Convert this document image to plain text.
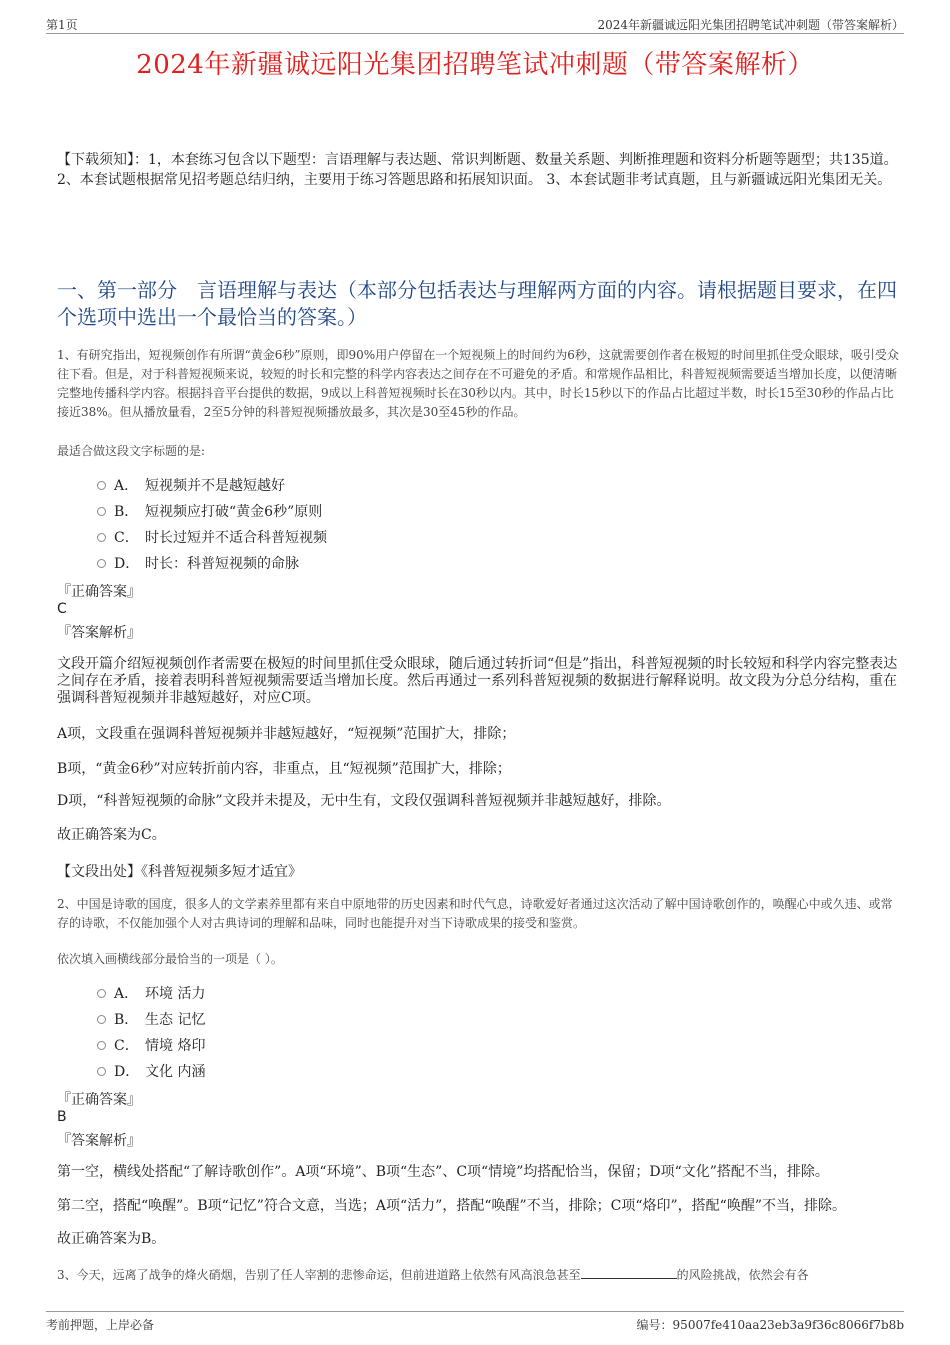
第1页	2024年新疆诚远阳光集团招聘笔试冲刺题（带答案解析）
2024年新疆诚远阳光集团招聘笔试冲刺题（带答案解析）
【下载须知】：1，本套练习包含以下题型：言语理解与表达题、常识判断题、数量关系题、判断推理题和资料分析题等题型；共135道。 2、本套试题根据常见招考题总结归纳，主要用于练习答题思路和拓展知识面。 3、本套试题非考试真题，且与新疆诚远阳光集团无关。
一、第一部分　言语理解与表达（本部分包括表达与理解两方面的内容。请根据题目要求，在四个选项中选出一个最恰当的答案。）
1、有研究指出，短视频创作有所谓“黄金6秒”原则，即90%用户停留在一个短视频上的时间约为6秒，这就需要创作者在极短的时间里抓住受众眼球，吸引受众往下看。但是，对于科普短视频来说，较短的时长和完整的科学内容表达之间存在不可避免的矛盾。和常规作品相比，科普短视频需要适当增加长度，以便清晰完整地传播科学内容。根据抖音平台提供的数据，9成以上科普短视频时长在30秒以内。其中，时长15秒以下的作品占比超过半数，时长15至30秒的作品占比接近38%。但从播放量看，2至5分钟的科普短视频播放最多，其次是30至45秒的作品。
最适合做这段文字标题的是:
A． 短视频并不是越短越好
B． 短视频应打破“黄金6秒”原则
C． 时长过短并不适合科普短视频
D． 时长：科普短视频的命脉
『正确答案』
C
『答案解析』
文段开篇介绍短视频创作者需要在极短的时间里抓住受众眼球，随后通过转折词“但是”指出，科普短视频的时长较短和科学内容完整表达之间存在矛盾，接着表明科普短视频需要适当增加长度。然后再通过一系列科普短视频的数据进行解释说明。故文段为分总分结构，重在强调科普短视频并非越短越好，对应C项。
A项，文段重在强调科普短视频并非越短越好，“短视频”范围扩大，排除；
B项，“黄金6秒”对应转折前内容，非重点，且“短视频”范围扩大，排除；
D项，“科普短视频的命脉”文段并未提及，无中生有，文段仅强调科普短视频并非越短越好，排除。
故正确答案为C。
【文段出处】《科普短视频多短才适宜》
2、中国是诗歌的国度，很多人的文学素养里都有来自中原地带的历史因素和时代气息，诗歌爱好者通过这次活动了解中国诗歌创作的，唤醒心中或久违、或常存的诗歌，不仅能加强个人对古典诗词的理解和品味，同时也能提升对当下诗歌成果的接受和鉴赏。
依次填入画横线部分最恰当的一项是（ ）。
A． 环境 活力
B． 生态 记忆
C． 情境 烙印
D． 文化 内涵
『正确答案』
B
『答案解析』
第一空，横线处搭配“了解诗歌创作”。A项“环境”、B项“生态”、C项“情境”均搭配恰当，保留；D项“文化”搭配不当，排除。
第二空，搭配“唤醒”。B项“记忆”符合文意，当选；A项“活力”，搭配“唤醒”不当，排除；C项“烙印”，搭配“唤醒”不当，排除。
故正确答案为B。
3、今天，远离了战争的烽火硝烟，告别了任人宰割的悲惨命运，但前进道路上依然有风高浪急甚至	的风险挑战，依然会有各
考前押题，上岸必备	编号：95007fe410aa23eb3a9f36c8066f7b8b
